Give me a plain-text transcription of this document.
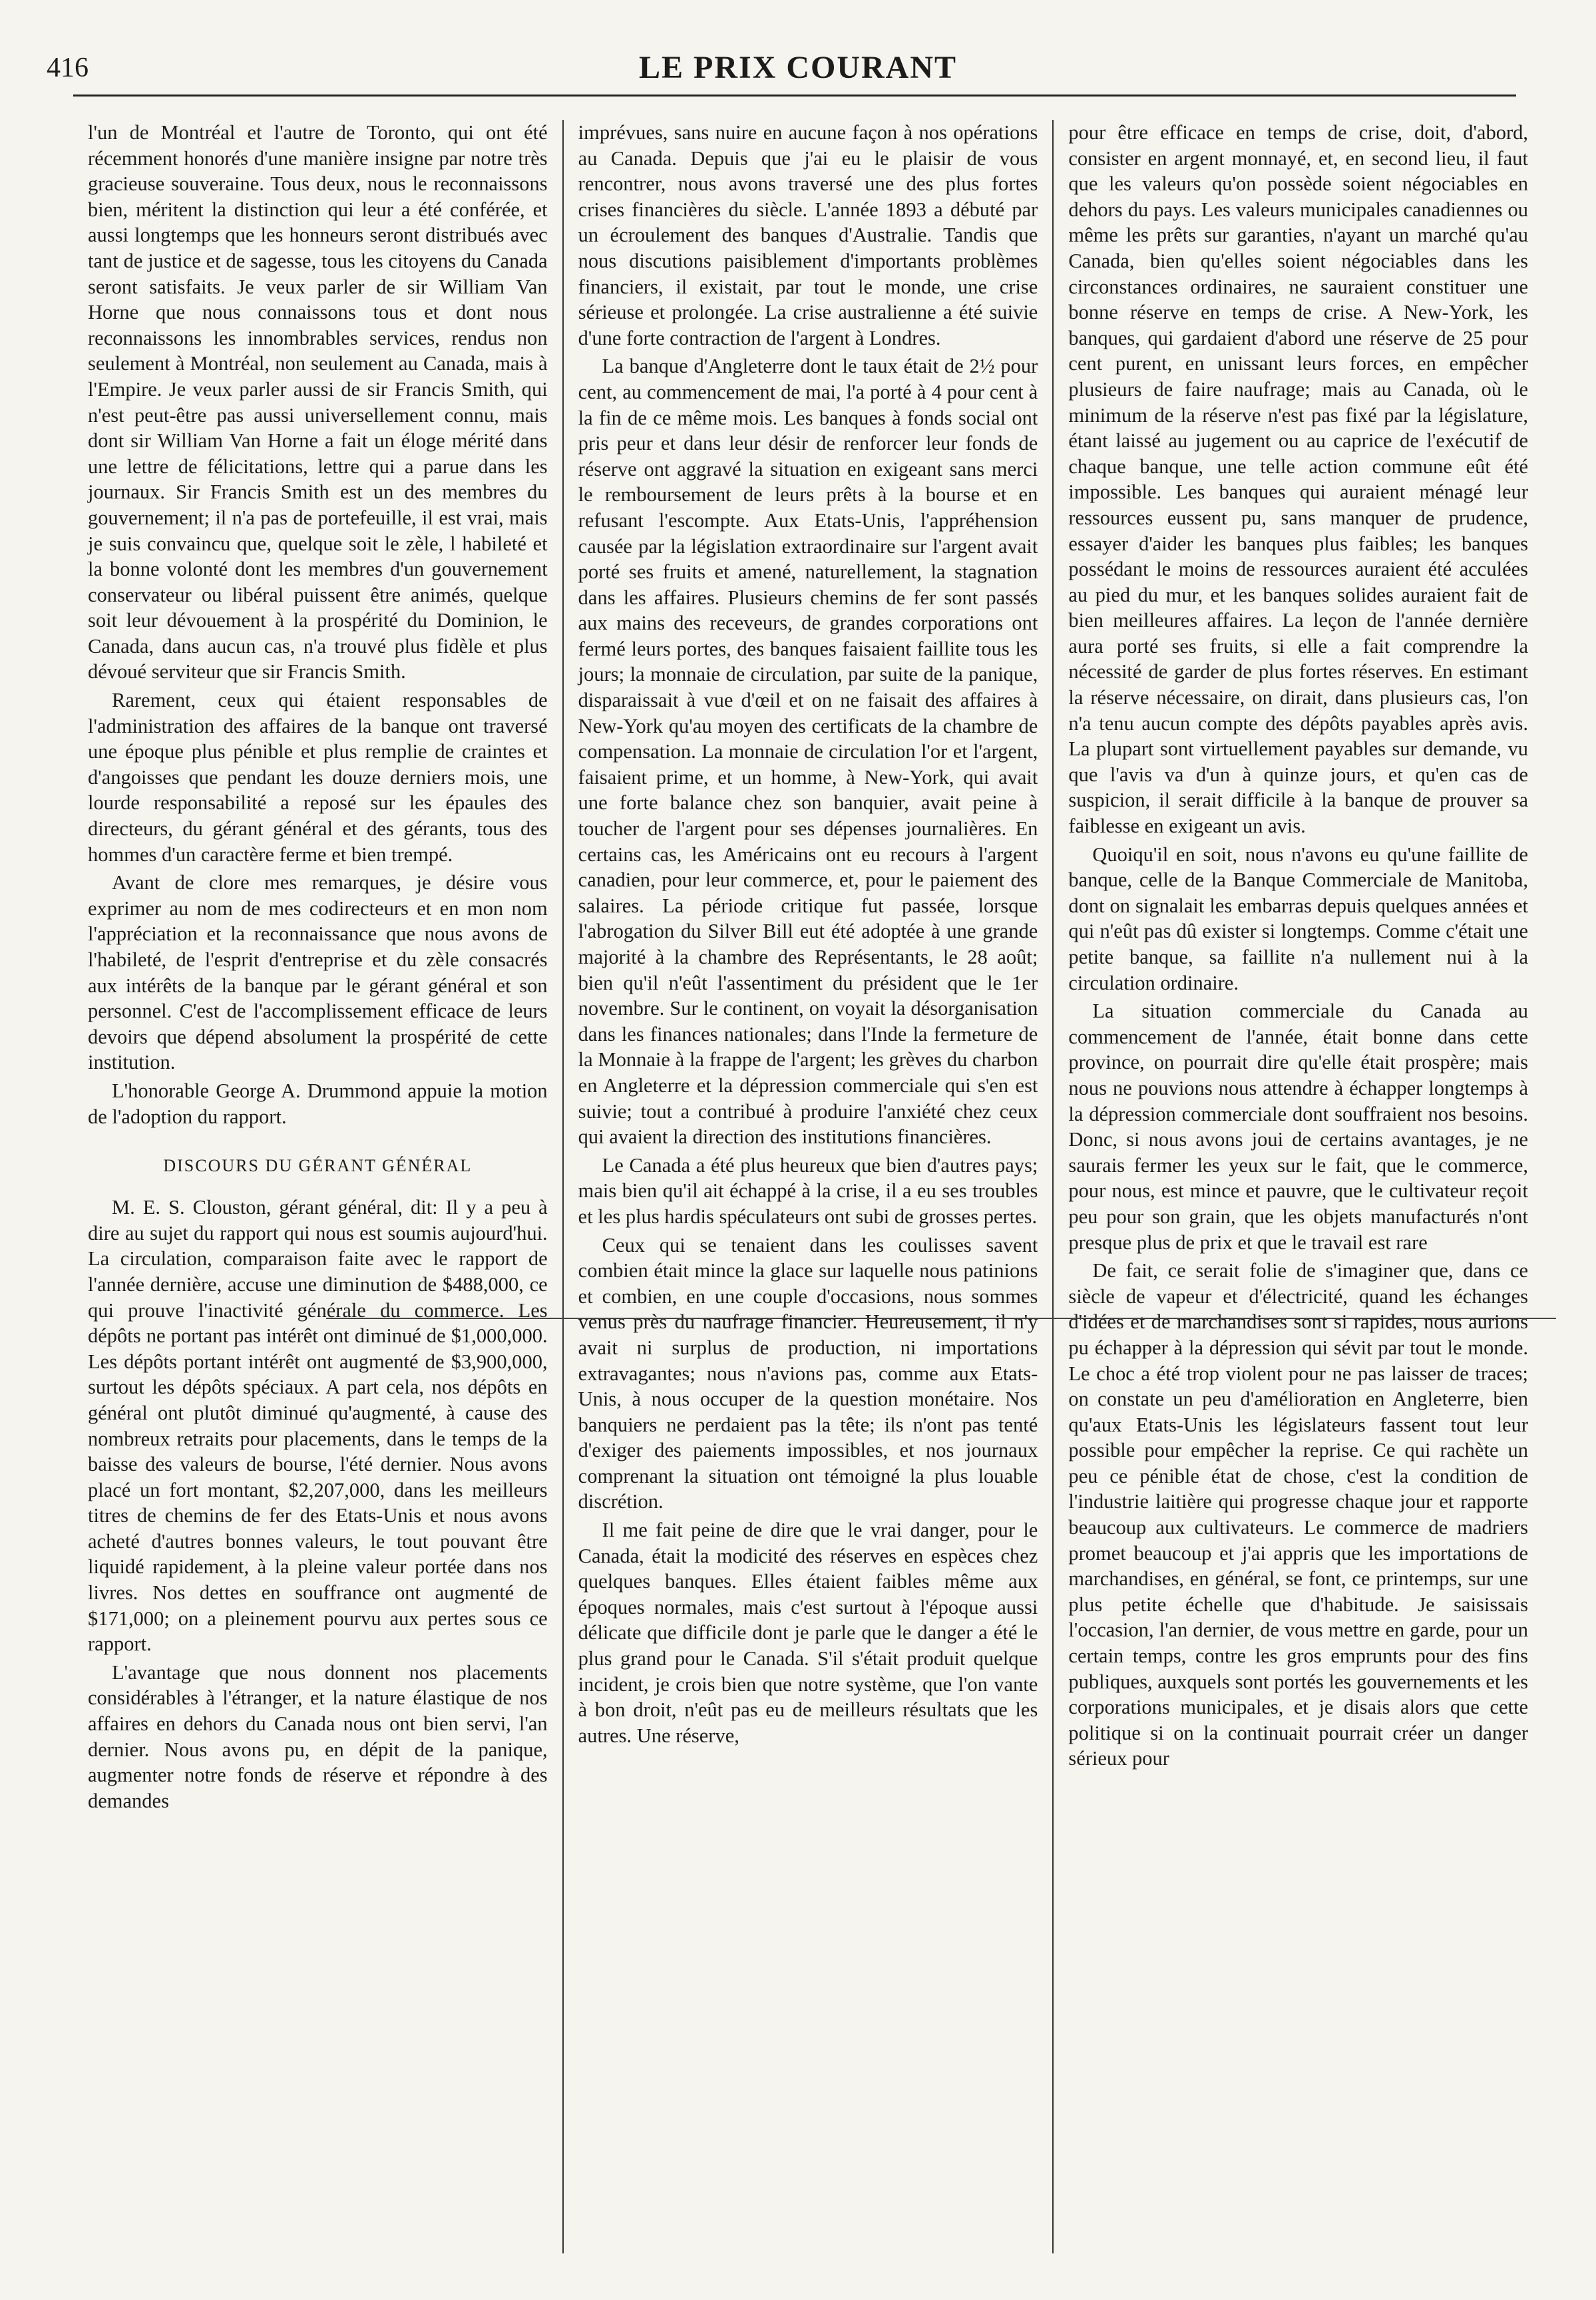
416	LE PRIX COURANT

l'un de Montréal et l'autre de Toronto, qui ont été récemment honorés d'une manière insigne par notre très gracieuse souveraine. Tous deux, nous le reconnaissons bien, méritent la distinction qui leur a été conférée, et aussi longtemps que les honneurs seront distribués avec tant de justice et de sagesse, tous les citoyens du Canada seront satisfaits. Je veux parler de sir William Van Horne que nous connaissons tous et dont nous reconnaissons les innombrables services, rendus non seulement à Montréal, non seulement au Canada, mais à l'Empire. Je veux parler aussi de sir Francis Smith, qui n'est peut-être pas aussi universellement connu, mais dont sir William Van Horne a fait un éloge mérité dans une lettre de félicitations, lettre qui a parue dans les journaux. Sir Francis Smith est un des membres du gouvernement; il n'a pas de portefeuille, il est vrai, mais je suis convaincu que, quelque soit le zèle, l habileté et la bonne volonté dont les membres d'un gouvernement conservateur ou libéral puissent être animés, quelque soit leur dévouement à la prospérité du Dominion, le Canada, dans aucun cas, n'a trouvé plus fidèle et plus dévoué serviteur que sir Francis Smith.

Rarement, ceux qui étaient responsables de l'administration des affaires de la banque ont traversé une époque plus pénible et plus remplie de craintes et d'angoisses que pendant les douze derniers mois, une lourde responsabilité a reposé sur les épaules des directeurs, du gérant général et des gérants, tous des hommes d'un caractère ferme et bien trempé.

Avant de clore mes remarques, je désire vous exprimer au nom de mes codirecteurs et en mon nom l'appréciation et la reconnaissance que nous avons de l'habileté, de l'esprit d'entreprise et du zèle consacrés aux intérêts de la banque par le gérant général et son personnel. C'est de l'accomplissement efficace de leurs devoirs que dépend absolument la prospérité de cette institution.

L'honorable George A. Drummond appuie la motion de l'adoption du rapport.

DISCOURS DU GÉRANT GÉNÉRAL

M. E. S. Clouston, gérant général, dit: Il y a peu à dire au sujet du rapport qui nous est soumis aujourd'hui. La circulation, comparaison faite avec le rapport de l'année dernière, accuse une diminution de $488,000, ce qui prouve l'inactivité générale du commerce. Les dépôts ne portant pas intérêt ont diminué de $1,000,000. Les dépôts portant intérêt ont augmenté de $3,900,000, surtout les dépôts spéciaux. A part cela, nos dépôts en général ont plutôt diminué qu'augmenté, à cause des nombreux retraits pour placements, dans le temps de la baisse des valeurs de bourse, l'été dernier. Nous avons placé un fort montant, $2,207,000, dans les meilleurs titres de chemins de fer des Etats-Unis et nous avons acheté d'autres bonnes valeurs, le tout pouvant être liquidé rapidement, à la pleine valeur portée dans nos livres. Nos dettes en souffrance ont augmenté de $171,000; on a pleinement pourvu aux pertes sous ce rapport.

L'avantage que nous donnent nos placements considérables à l'étranger, et la nature élastique de nos affaires en dehors du Canada nous ont bien servi, l'an dernier. Nous avons pu, en dépit de la panique, augmenter notre fonds de réserve et répondre à des demandes

imprévues, sans nuire en aucune façon à nos opérations au Canada. Depuis que j'ai eu le plaisir de vous rencontrer, nous avons traversé une des plus fortes crises financières du siècle. L'année 1893 a débuté par un écroulement des banques d'Australie. Tandis que nous discutions paisiblement d'importants problèmes financiers, il existait, par tout le monde, une crise sérieuse et prolongée. La crise australienne a été suivie d'une forte contraction de l'argent à Londres.

La banque d'Angleterre dont le taux était de 2½ pour cent, au commencement de mai, l'a porté à 4 pour cent à la fin de ce même mois. Les banques à fonds social ont pris peur et dans leur désir de renforcer leur fonds de réserve ont aggravé la situation en exigeant sans merci le remboursement de leurs prêts à la bourse et en refusant l'escompte. Aux Etats-Unis, l'appréhension causée par la législation extraordinaire sur l'argent avait porté ses fruits et amené, naturellement, la stagnation dans les affaires. Plusieurs chemins de fer sont passés aux mains des receveurs, de grandes corporations ont fermé leurs portes, des banques faisaient faillite tous les jours; la monnaie de circulation, par suite de la panique, disparaissait à vue d'œil et on ne faisait des affaires à New-York qu'au moyen des certificats de la chambre de compensation. La monnaie de circulation l'or et l'argent, faisaient prime, et un homme, à New-York, qui avait une forte balance chez son banquier, avait peine à toucher de l'argent pour ses dépenses journalières. En certains cas, les Américains ont eu recours à l'argent canadien, pour leur commerce, et, pour le paiement des salaires. La période critique fut passée, lorsque l'abrogation du Silver Bill eut été adoptée à une grande majorité à la chambre des Représentants, le 28 août; bien qu'il n'eût l'assentiment du président que le 1er novembre. Sur le continent, on voyait la désorganisation dans les finances nationales; dans l'Inde la fermeture de la Monnaie à la frappe de l'argent; les grèves du charbon en Angleterre et la dépression commerciale qui s'en est suivie; tout a contribué à produire l'anxiété chez ceux qui avaient la direction des institutions financières.

Le Canada a été plus heureux que bien d'autres pays; mais bien qu'il ait échappé à la crise, il a eu ses troubles et les plus hardis spéculateurs ont subi de grosses pertes.

Ceux qui se tenaient dans les coulisses savent combien était mince la glace sur laquelle nous patinions et combien, en une couple d'occasions, nous sommes venus près du naufrage financier. Heureusement, il n'y avait ni surplus de production, ni importations extravagantes; nous n'avions pas, comme aux Etats-Unis, à nous occuper de la question monétaire. Nos banquiers ne perdaient pas la tête; ils n'ont pas tenté d'exiger des paiements impossibles, et nos journaux comprenant la situation ont témoigné la plus louable discrétion.

Il me fait peine de dire que le vrai danger, pour le Canada, était la modicité des réserves en espèces chez quelques banques. Elles étaient faibles même aux époques normales, mais c'est surtout à l'époque aussi délicate que difficile dont je parle que le danger a été le plus grand pour le Canada. S'il s'était produit quelque incident, je crois bien que notre système, que l'on vante à bon droit, n'eût pas eu de meilleurs résultats que les autres. Une réserve,

pour être efficace en temps de crise, doit, d'abord, consister en argent monnayé, et, en second lieu, il faut que les valeurs qu'on possède soient négociables en dehors du pays. Les valeurs municipales canadiennes ou même les prêts sur garanties, n'ayant un marché qu'au Canada, bien qu'elles soient négociables dans les circonstances ordinaires, ne sauraient constituer une bonne réserve en temps de crise. A New-York, les banques, qui gardaient d'abord une réserve de 25 pour cent purent, en unissant leurs forces, en empêcher plusieurs de faire naufrage; mais au Canada, où le minimum de la réserve n'est pas fixé par la législature, étant laissé au jugement ou au caprice de l'exécutif de chaque banque, une telle action commune eût été impossible. Les banques qui auraient ménagé leur ressources eussent pu, sans manquer de prudence, essayer d'aider les banques plus faibles; les banques possédant le moins de ressources auraient été acculées au pied du mur, et les banques solides auraient fait de bien meilleures affaires. La leçon de l'année dernière aura porté ses fruits, si elle a fait comprendre la nécessité de garder de plus fortes réserves. En estimant la réserve nécessaire, on dirait, dans plusieurs cas, l'on n'a tenu aucun compte des dépôts payables après avis. La plupart sont virtuellement payables sur demande, vu que l'avis va d'un à quinze jours, et qu'en cas de suspicion, il serait difficile à la banque de prouver sa faiblesse en exigeant un avis.

Quoiqu'il en soit, nous n'avons eu qu'une faillite de banque, celle de la Banque Commerciale de Manitoba, dont on signalait les embarras depuis quelques années et qui n'eût pas dû exister si longtemps. Comme c'était une petite banque, sa faillite n'a nullement nui à la circulation ordinaire.

La situation commerciale du Canada au commencement de l'année, était bonne dans cette province, on pourrait dire qu'elle était prospère; mais nous ne pouvions nous attendre à échapper longtemps à la dépression commerciale dont souffraient nos besoins. Donc, si nous avons joui de certains avantages, je ne saurais fermer les yeux sur le fait, que le commerce, pour nous, est mince et pauvre, que le cultivateur reçoit peu pour son grain, que les objets manufacturés n'ont presque plus de prix et que le travail est rare

De fait, ce serait folie de s'imaginer que, dans ce siècle de vapeur et d'électricité, quand les échanges d'idées et de marchandises sont si rapides, nous aurions pu échapper à la dépression qui sévit par tout le monde. Le choc a été trop violent pour ne pas laisser de traces; on constate un peu d'amélioration en Angleterre, bien qu'aux Etats-Unis les législateurs fassent tout leur possible pour empêcher la reprise. Ce qui rachète un peu ce pénible état de chose, c'est la condition de l'industrie laitière qui progresse chaque jour et rapporte beaucoup aux cultivateurs. Le commerce de madriers promet beaucoup et j'ai appris que les importations de marchandises, en général, se font, ce printemps, sur une plus petite échelle que d'habitude. Je saisissais l'occasion, l'an dernier, de vous mettre en garde, pour un certain temps, contre les gros emprunts pour des fins publiques, auxquels sont portés les gouvernements et les corporations municipales, et je disais alors que cette politique si on la continuait pourrait créer un danger sérieux pour
